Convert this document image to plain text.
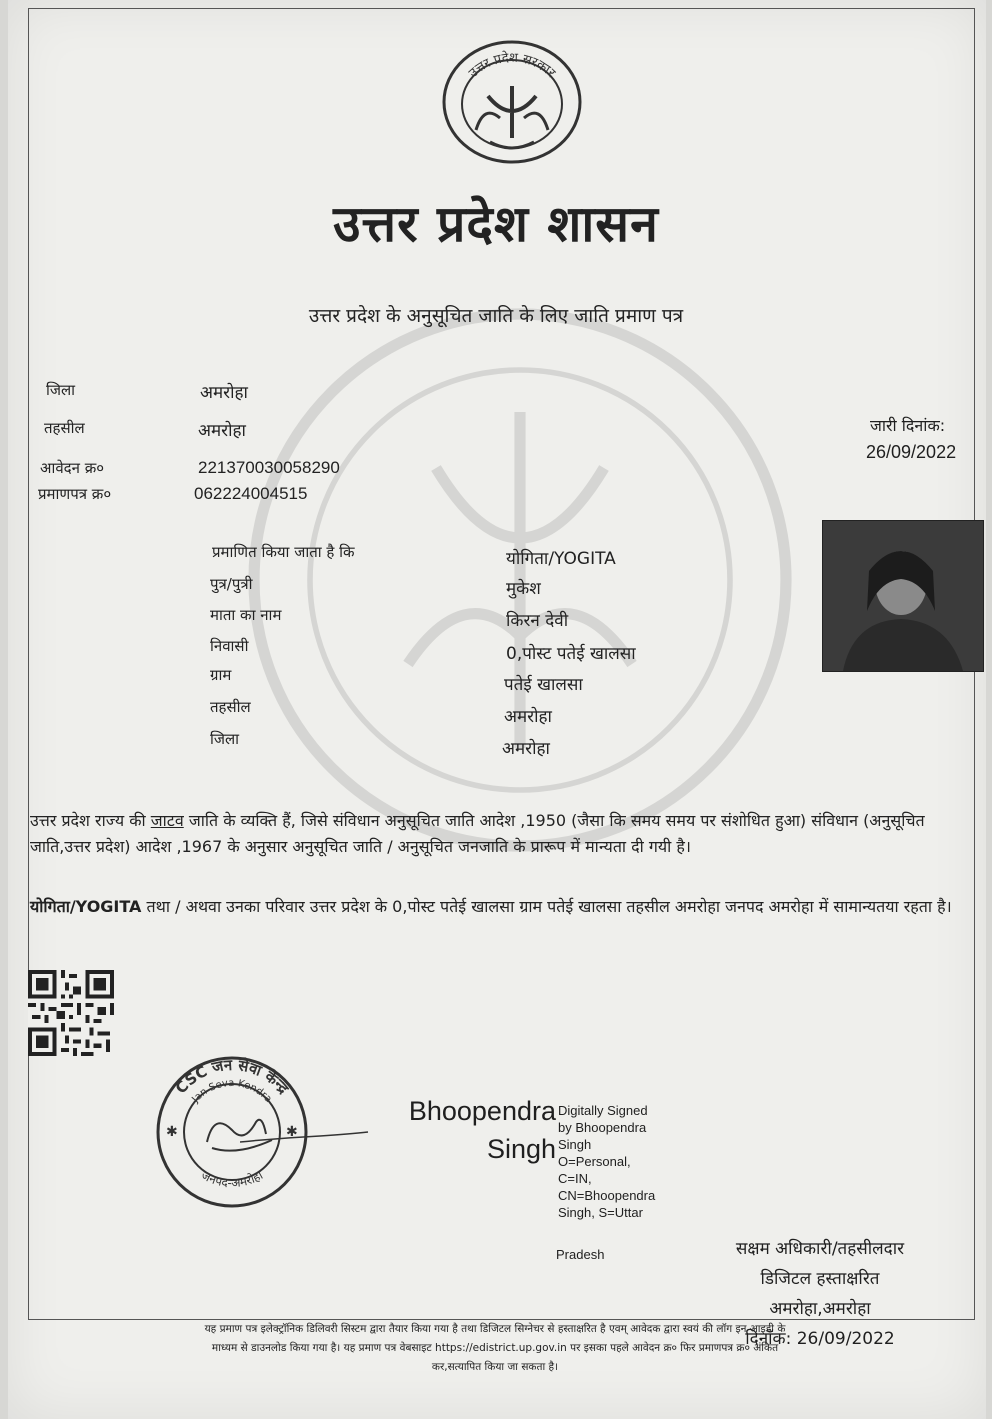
उत्तर प्रदेश सरकार
उत्तर प्रदेश शासन
उत्तर प्रदेश के अनुसूचित जाति के लिए जाति प्रमाण पत्र
जिला	अमरोहा
तहसील	अमरोहा
आवेदन क्र०	221370030058290
प्रमाणपत्र क्र०	062224004515
जारी दिनांक:
26/09/2022
प्रमाणित किया जाता है कि	योगिता/YOGITA
पुत्र/पुत्री	मुकेश
माता का नाम	किरन देवी
निवासी	0,पोस्ट पतेई खालसा
ग्राम	पतेई खालसा
तहसील	अमरोहा
जिला	अमरोहा
उत्तर प्रदेश राज्य की जाटव जाति के व्यक्ति हैं, जिसे संविधान अनुसूचित जाति आदेश ,1950 (जैसा कि समय समय पर संशोधित हुआ) संविधान (अनुसूचित जाति,उत्तर प्रदेश) आदेश ,1967 के अनुसार अनुसूचित जाति / अनुसूचित जनजाति के प्रारूप में मान्यता दी गयी है।
योगिता/YOGITA तथा / अथवा उनका परिवार उत्तर प्रदेश के 0,पोस्ट पतेई खालसा ग्राम पतेई खालसा तहसील अमरोहा जनपद अमरोहा में सामान्यतया रहता है।
CSC जन सेवा केन्द्र
Jan Seva Kendra
जनपद-अमरोहा
✱	✱
Bhoopendra
Singh
Digitally Signed
by Bhoopendra
Singh
O=Personal,
C=IN,
CN=Bhoopendra
Singh, S=Uttar
Pradesh	सक्षम अधिकारी/तहसीलदार
डिजिटल हस्ताक्षरित
अमरोहा,अमरोहा
दिनाँक: 26/09/2022
यह प्रमाण पत्र इलेक्ट्रॉनिक डिलिवरी सिस्टम द्वारा तैयार किया गया है तथा डिजिटल सिग्नेचर से हस्ताक्षरित है एवम् आवेदक द्वारा स्वयं की लॉग इन आइडी के
माध्यम से डाउनलोड किया गया है। यह प्रमाण पत्र वेबसाइट https://edistrict.up.gov.in पर इसका पहले आवेदन क्र० फिर प्रमाणपत्र क्र० अंकित
कर,सत्यापित किया जा सकता है।
